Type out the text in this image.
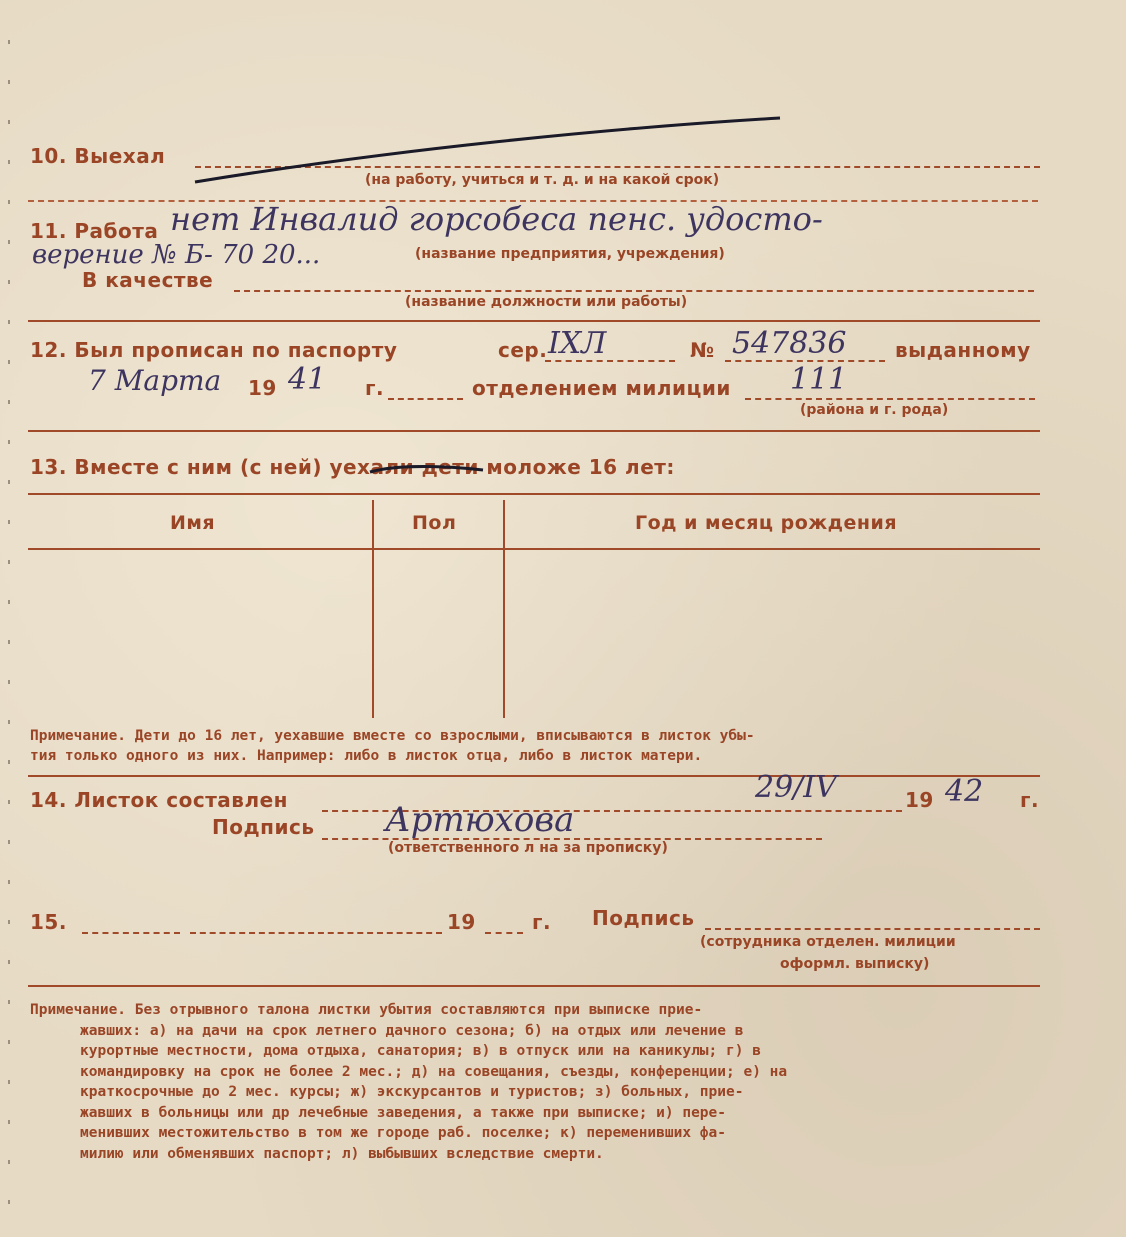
10. Выехал
(на работу, учиться и т. д. и на какой срок)
11. Работа нет Инвалид горсобеса пенс. удосто-
верение № Б- 70 20...	(название предприятия, учреждения)
В качестве
(название должности или работы)
12. Был прописан по паспорту	сер. IХЛ	№ 547836 выданному
7 Марта 19 41 г.	отделением милиции 111
(района и г. рода)
13. Вместе с ним (с ней) уехали дети моложе 16 лет:
Имя	Пол	Год и месяц рождения
Примечание. Дети до 16 лет, уехавшие вместе со взрослыми, вписываются в листок убы-
тия только одного из них. Например: либо в листок отца, либо в листок матери.
14. Листок составлен	29/IV	19 42 г.
Подпись Артюхова
(ответственного л на за прописку)
15.	19	г. Подпись
(сотрудника отделен. милиции
оформл. выписку)
Примечание. Без отрывного талона листки убытия составляются при выписке прие-
жавших: а) на дачи на срок летнего дачного сезона; б) на отдых или лечение в
курортные местности, дома отдыха, санатория; в) в отпуск или на каникулы; г) в
командировку на срок не более 2 мес.; д) на совещания, съезды, конференции; е) на
краткосрочные до 2 мес. курсы; ж) экскурсантов и туристов; з) больных, прие-
жавших в больницы или др лечебные заведения, а также при выписке; и) пере-
менивших местожительство в том же городе раб. поселке; к) переменивших фа-
милию или обменявших паспорт; л) выбывших вследствие смерти.
